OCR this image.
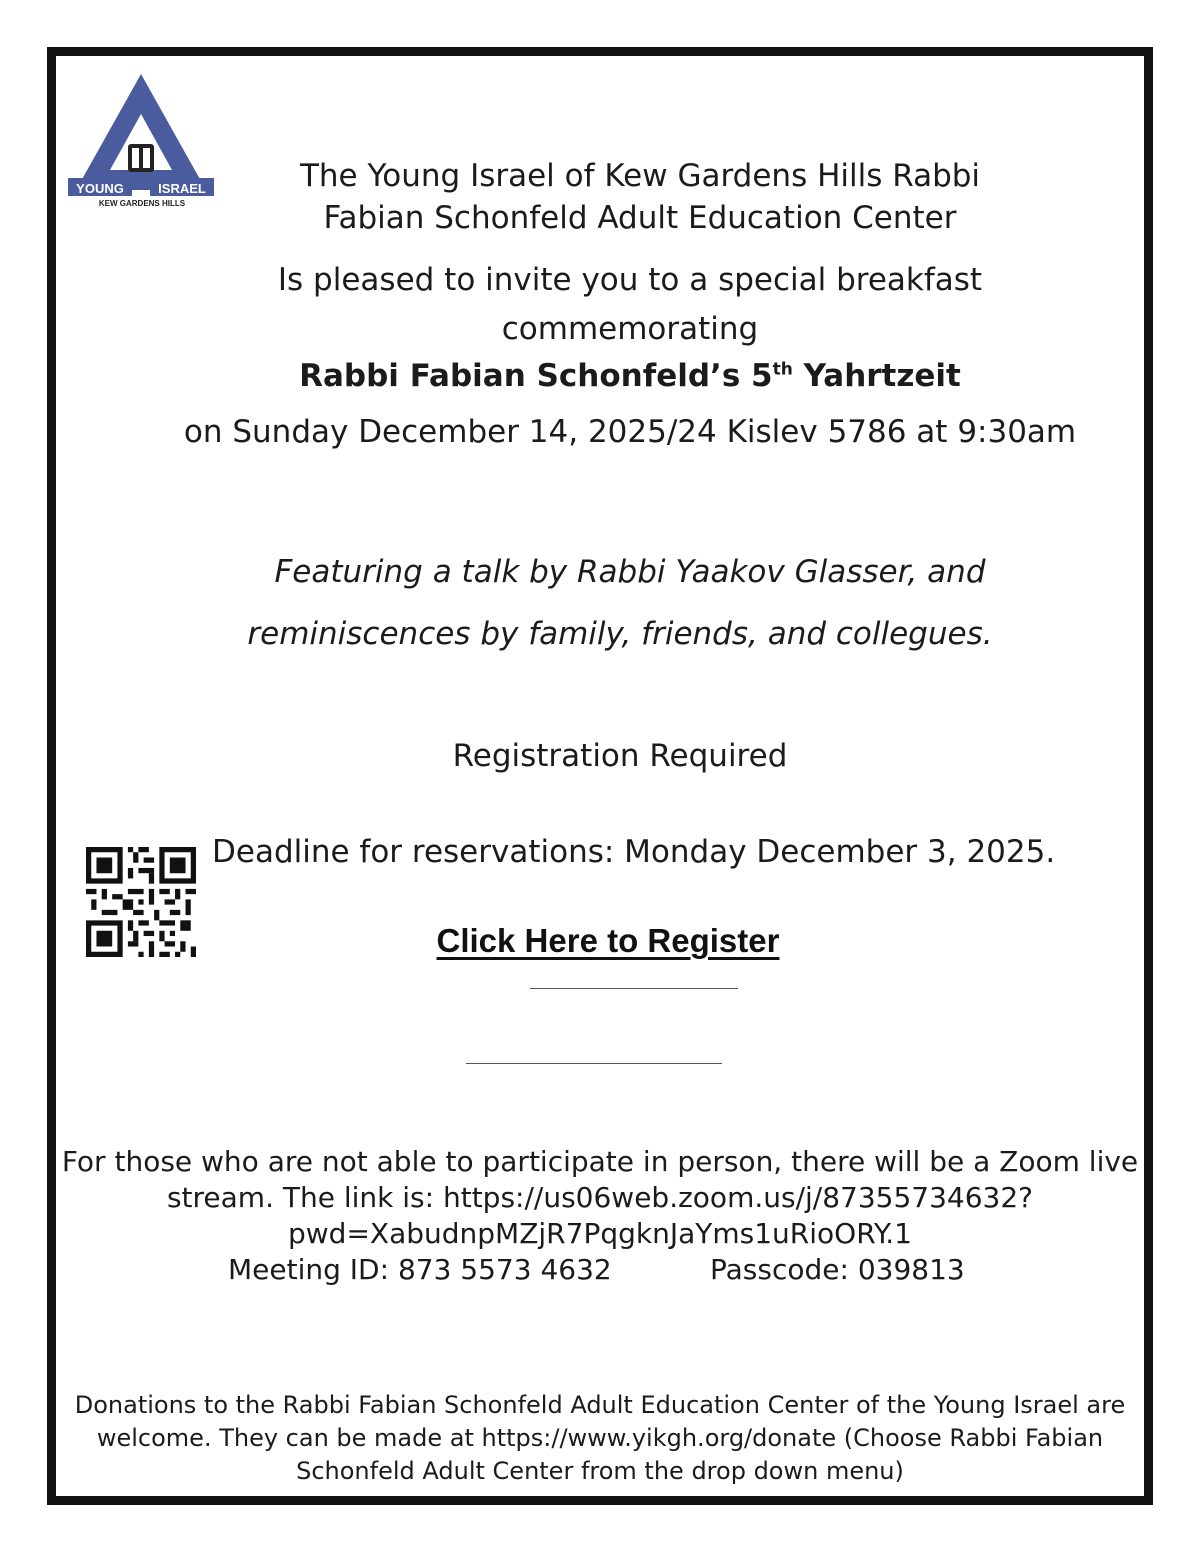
YOUNG	ISRAEL
KEW GARDENS HILLS
The Young Israel of Kew Gardens Hills Rabbi
Fabian Schonfeld Adult Education Center
Is pleased to invite you to a special breakfast
commemorating
Rabbi Fabian Schonfeld’s 5th Yahrtzeit
on Sunday December 14, 2025/24 Kislev 5786 at 9:30am
Featuring a talk by Rabbi Yaakov Glasser, and
reminiscences by family, friends, and collegues.
Registration Required
Deadline for reservations: Monday December 3, 2025.
Click Here to Register
For those who are not able to participate in person, there will be a Zoom live
stream. The link is: https://us06web.zoom.us/j/87355734632?
pwd=XabudnpMZjR7PqgknJaYms1uRioORY.1
Meeting ID: 873 5573 4632	Passcode: 039813
Donations to the Rabbi Fabian Schonfeld Adult Education Center of the Young Israel are
welcome. They can be made at https://www.yikgh.org/donate (Choose Rabbi Fabian
Schonfeld Adult Center from the drop down menu)
